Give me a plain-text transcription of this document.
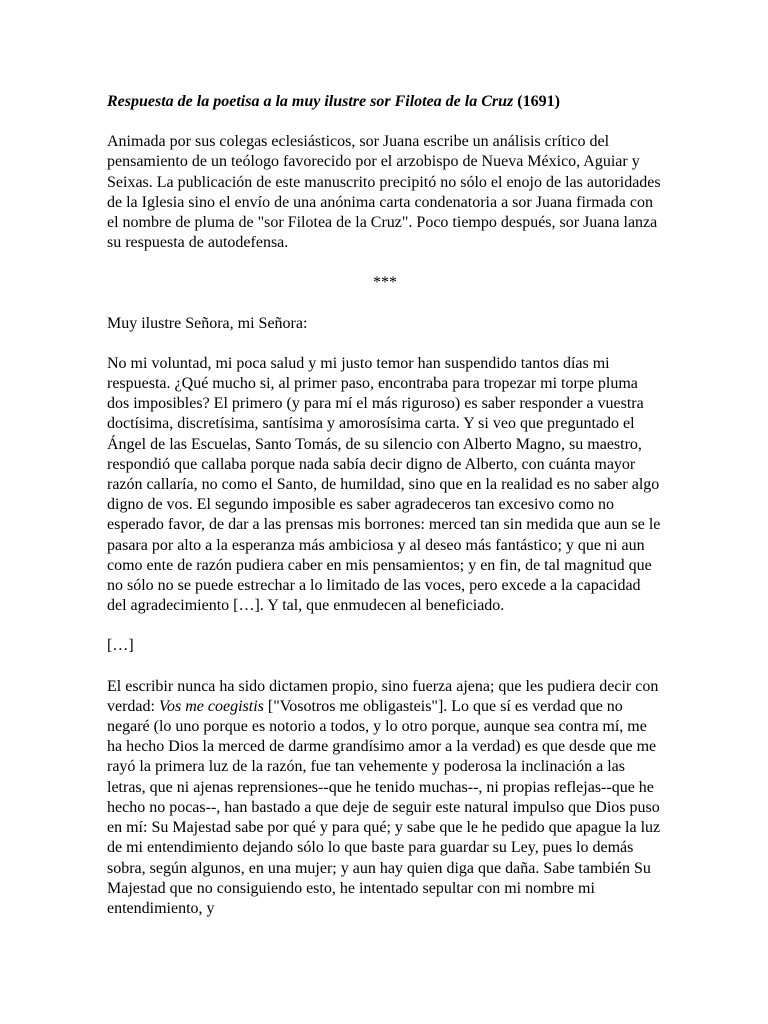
Respuesta de la poetisa a la muy ilustre sor Filotea de la Cruz (1691)

Animada por sus colegas eclesiásticos, sor Juana escribe un análisis crítico del pensamiento de un teólogo favorecido por el arzobispo de Nueva México, Aguiar y Seixas. La publicación de este manuscrito precipitó no sólo el enojo de las autoridades de la Iglesia sino el envío de una anónima carta condenatoria a sor Juana firmada con el nombre de pluma de "sor Filotea de la Cruz". Poco tiempo después, sor Juana lanza su respuesta de autodefensa.

***

Muy ilustre Señora, mi Señora:

No mi voluntad, mi poca salud y mi justo temor han suspendido tantos días mi respuesta. ¿Qué mucho si, al primer paso, encontraba para tropezar mi torpe pluma dos imposibles? El primero (y para mí el más riguroso) es saber responder a vuestra doctísima, discretísima, santísima y amorosísima carta. Y si veo que preguntado el Ángel de las Escuelas, Santo Tomás, de su silencio con Alberto Magno, su maestro, respondió que callaba porque nada sabía decir digno de Alberto, con cuánta mayor razón callaría, no como el Santo, de humildad, sino que en la realidad es no saber algo digno de vos. El segundo imposible es saber agradeceros tan excesivo como no esperado favor, de dar a las prensas mis borrones: merced tan sin medida que aun se le pasara por alto a la esperanza más ambiciosa y al deseo más fantástico; y que ni aun como ente de razón pudiera caber en mis pensamientos; y en fin, de tal magnitud que no sólo no se puede estrechar a lo limitado de las voces, pero excede a la capacidad del agradecimiento […]. Y tal, que enmudecen al beneficiado.

[…]

El escribir nunca ha sido dictamen propio, sino fuerza ajena; que les pudiera decir con verdad: Vos me coegistis ["Vosotros me obligasteis"]. Lo que sí es verdad que no negaré (lo uno porque es notorio a todos, y lo otro porque, aunque sea contra mí, me ha hecho Dios la merced de darme grandísimo amor a la verdad) es que desde que me rayó la primera luz de la razón, fue tan vehemente y poderosa la inclinación a las letras, que ni ajenas reprensiones--que he tenido muchas--, ni propias reflejas--que he hecho no pocas--, han bastado a que deje de seguir este natural impulso que Dios puso en mí: Su Majestad sabe por qué y para qué; y sabe que le he pedido que apague la luz de mi entendimiento dejando sólo lo que baste para guardar su Ley, pues lo demás sobra, según algunos, en una mujer; y aun hay quien diga que daña. Sabe también Su Majestad que no consiguiendo esto, he intentado sepultar con mi nombre mi entendimiento, y
